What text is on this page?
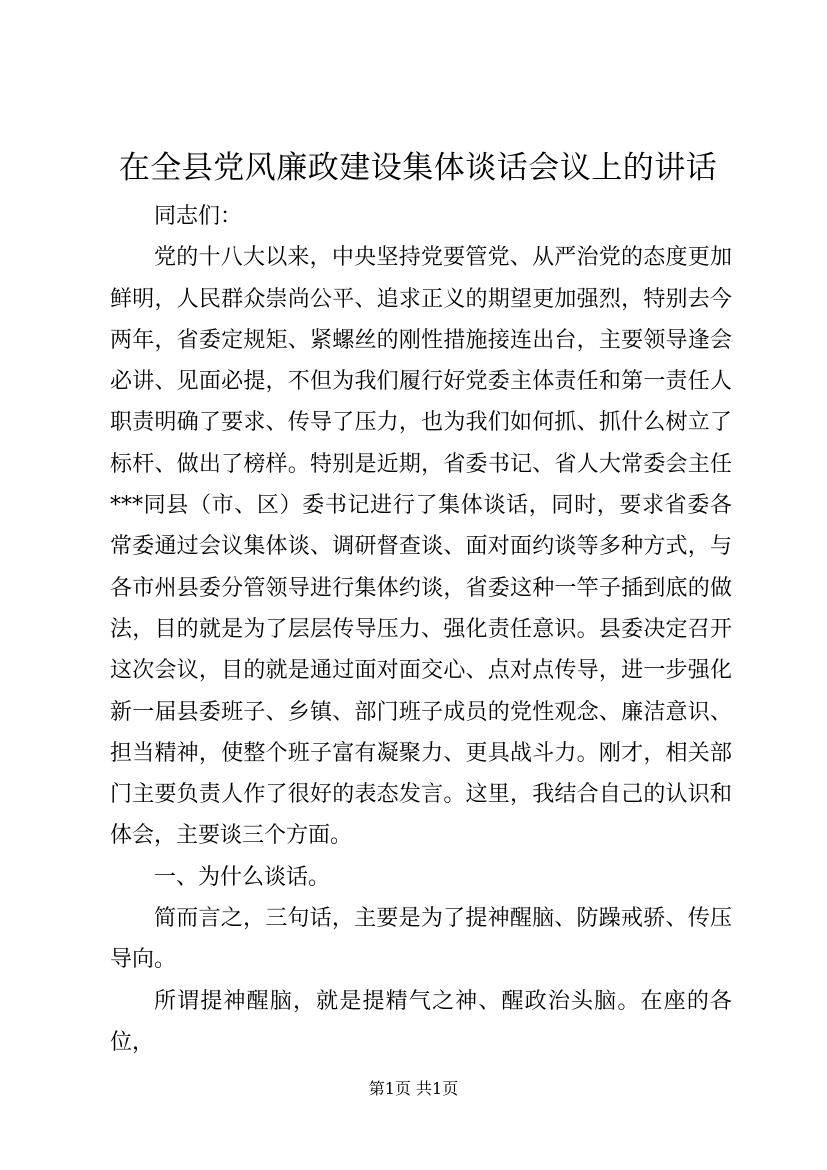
在全县党风廉政建设集体谈话会议上的讲话

同志们：

党的十八大以来，中央坚持党要管党、从严治党的态度更加鲜明，人民群众崇尚公平、追求正义的期望更加强烈，特别去今两年，省委定规矩、紧螺丝的刚性措施接连出台，主要领导逢会必讲、见面必提，不但为我们履行好党委主体责任和第一责任人职责明确了要求、传导了压力，也为我们如何抓、抓什么树立了标杆、做出了榜样。特别是近期，省委书记、省人大常委会主任***同县（市、区）委书记进行了集体谈话，同时，要求省委各常委通过会议集体谈、调研督查谈、面对面约谈等多种方式，与各市州县委分管领导进行集体约谈，省委这种一竿子插到底的做法，目的就是为了层层传导压力、强化责任意识。县委决定召开这次会议，目的就是通过面对面交心、点对点传导，进一步强化新一届县委班子、乡镇、部门班子成员的党性观念、廉洁意识、担当精神，使整个班子富有凝聚力、更具战斗力。刚才，相关部门主要负责人作了很好的表态发言。这里，我结合自己的认识和体会，主要谈三个方面。

一、为什么谈话。

简而言之，三句话，主要是为了提神醒脑、防躁戒骄、传压导向。

所谓提神醒脑，就是提精气之神、醒政治头脑。在座的各位，

第1页 共1页
